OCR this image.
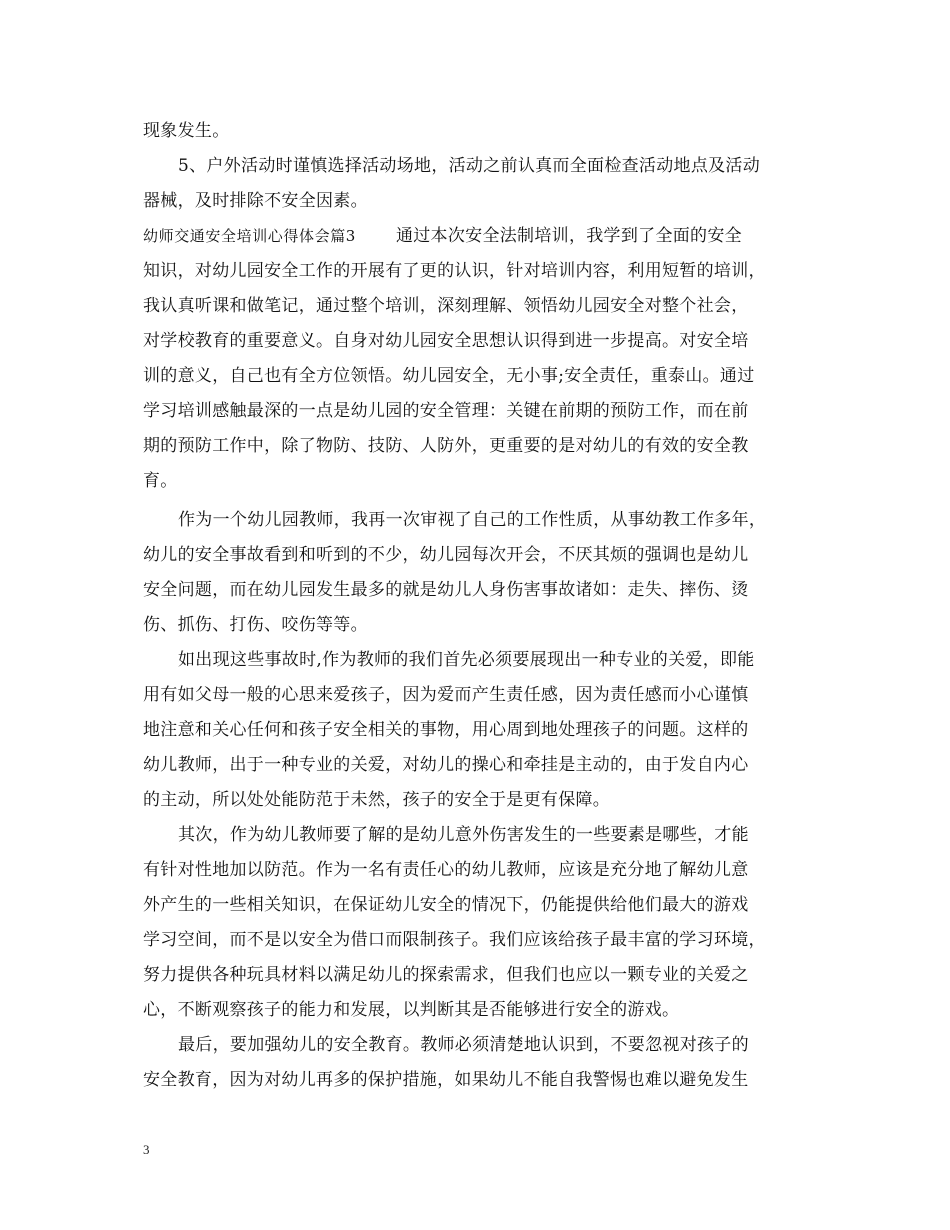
现象发生。
5、户外活动时谨慎选择活动场地，活动之前认真而全面检查活动地点及活动
器械，及时排除不安全因素。
幼师交通安全培训心得体会篇3 通过本次安全法制培训，我学到了全面的安全
知识，对幼儿园安全工作的开展有了更的认识，针对培训内容，利用短暂的培训，
我认真听课和做笔记，通过整个培训，深刻理解、领悟幼儿园安全对整个社会，
对学校教育的重要意义。自身对幼儿园安全思想认识得到进一步提高。对安全培
训的意义，自己也有全方位领悟。幼儿园安全，无小事;安全责任，重泰山。通过
学习培训感触最深的一点是幼儿园的安全管理：关键在前期的预防工作，而在前
期的预防工作中，除了物防、技防、人防外，更重要的是对幼儿的有效的安全教
育。
作为一个幼儿园教师，我再一次审视了自己的工作性质，从事幼教工作多年，
幼儿的安全事故看到和听到的不少，幼儿园每次开会，不厌其烦的强调也是幼儿
安全问题，而在幼儿园发生最多的就是幼儿人身伤害事故诸如：走失、摔伤、烫
伤、抓伤、打伤、咬伤等等。
如出现这些事故时,作为教师的我们首先必须要展现出一种专业的关爱，即能
用有如父母一般的心思来爱孩子，因为爱而产生责任感，因为责任感而小心谨慎
地注意和关心任何和孩子安全相关的事物，用心周到地处理孩子的问题。这样的
幼儿教师，出于一种专业的关爱，对幼儿的操心和牵挂是主动的，由于发自内心
的主动，所以处处能防范于未然，孩子的安全于是更有保障。
其次，作为幼儿教师要了解的是幼儿意外伤害发生的一些要素是哪些，才能
有针对性地加以防范。作为一名有责任心的幼儿教师，应该是充分地了解幼儿意
外产生的一些相关知识，在保证幼儿安全的情况下，仍能提供给他们最大的游戏
学习空间，而不是以安全为借口而限制孩子。我们应该给孩子最丰富的学习环境，
努力提供各种玩具材料以满足幼儿的探索需求，但我们也应以一颗专业的关爱之
心，不断观察孩子的能力和发展，以判断其是否能够进行安全的游戏。
最后，要加强幼儿的安全教育。教师必须清楚地认识到，不要忽视对孩子的
安全教育，因为对幼儿再多的保护措施，如果幼儿不能自我警惕也难以避免发生
3
